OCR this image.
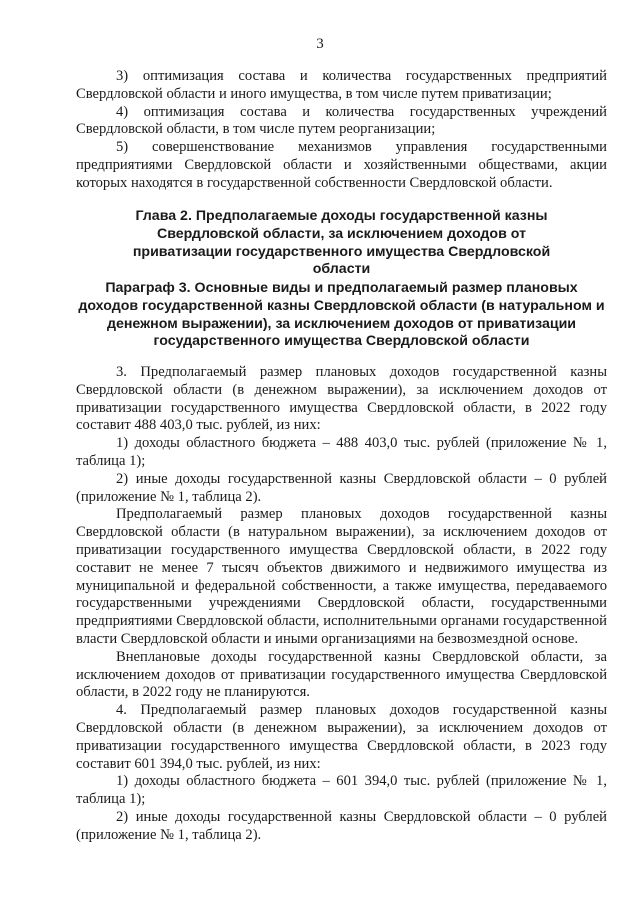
3

3) оптимизация состава и количества государственных предприятий Свердловской области и иного имущества, в том числе путем приватизации;

4) оптимизация состава и количества государственных учреждений Свердловской области, в том числе путем реорганизации;

5) совершенствование механизмов управления государственными предприятиями Свердловской области и хозяйственными обществами, акции которых находятся в государственной собственности Свердловской области.

Глава 2. Предполагаемые доходы государственной казны Свердловской области, за исключением доходов от приватизации государственного имущества Свердловской области

Параграф 3. Основные виды и предполагаемый размер плановых доходов государственной казны Свердловской области (в натуральном и денежном выражении), за исключением доходов от приватизации государственного имущества Свердловской области

3. Предполагаемый размер плановых доходов государственной казны Свердловской области (в денежном выражении), за исключением доходов от приватизации государственного имущества Свердловской области, в 2022 году составит 488 403,0 тыс. рублей, из них:

1) доходы областного бюджета – 488 403,0 тыс. рублей (приложение № 1, таблица 1);

2) иные доходы государственной казны Свердловской области – 0 рублей (приложение № 1, таблица 2).

Предполагаемый размер плановых доходов государственной казны Свердловской области (в натуральном выражении), за исключением доходов от приватизации государственного имущества Свердловской области, в 2022 году составит не менее 7 тысяч объектов движимого и недвижимого имущества из муниципальной и федеральной собственности, а также имущества, передаваемого государственными учреждениями Свердловской области, государственными предприятиями Свердловской области, исполнительными органами государственной власти Свердловской области и иными организациями на безвозмездной основе.

Внеплановые доходы государственной казны Свердловской области, за исключением доходов от приватизации государственного имущества Свердловской области, в 2022 году не планируются.

4. Предполагаемый размер плановых доходов государственной казны Свердловской области (в денежном выражении), за исключением доходов от приватизации государственного имущества Свердловской области, в 2023 году составит 601 394,0 тыс. рублей, из них:

1) доходы областного бюджета – 601 394,0 тыс. рублей (приложение № 1, таблица 1);

2) иные доходы государственной казны Свердловской области – 0 рублей (приложение № 1, таблица 2).
